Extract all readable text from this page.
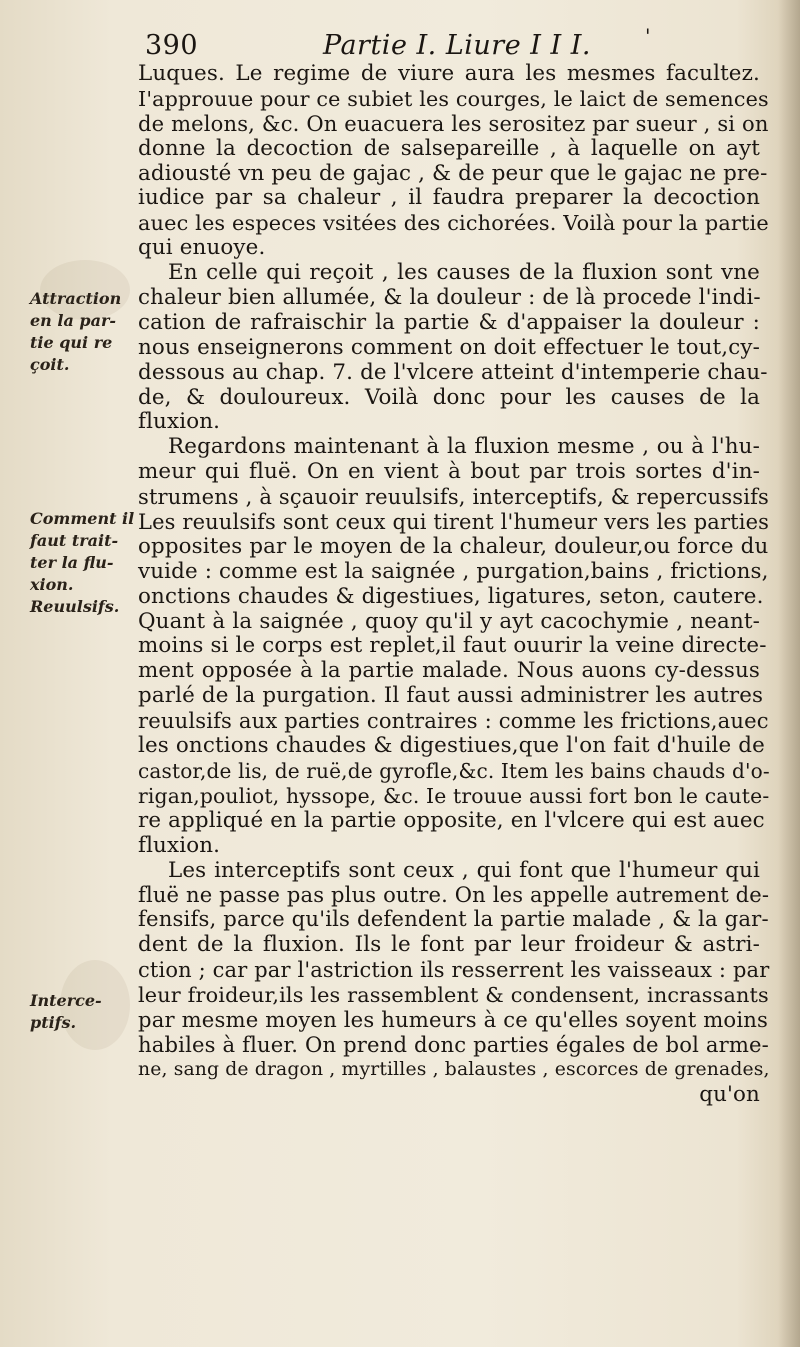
390	Partie I. Liure I I I.	'
Attraction
en la par-
tie qui re
çoit.
Comment il
faut trait-
ter la flu-
xion.
Reuulsifs.
Interce-
ptifs.
Luques. Le regime de viure aura les mesmes facultez.
I'approuue pour ce subiet les courges, le laict de semences
de melons, &c. On euacuera les serositez par sueur , si on
donne la decoction de salsepareille , à laquelle on ayt
adiousté vn peu de gajac , & de peur que le gajac ne pre-
iudice par sa chaleur , il faudra preparer la decoction
auec les especes vsitées des cichorées. Voilà pour la partie
qui enuoye.
En celle qui reçoit , les causes de la fluxion sont vne
chaleur bien allumée, & la douleur : de là procede l'indi-
cation de rafraischir la partie & d'appaiser la douleur :
nous enseignerons comment on doit effectuer le tout,cy-
dessous au chap. 7. de l'vlcere atteint d'intemperie chau-
de, & douloureux. Voilà donc pour les causes de la
fluxion.
Regardons maintenant à la fluxion mesme , ou à l'hu-
meur qui fluë. On en vient à bout par trois sortes d'in-
strumens , à sçauoir reuulsifs, interceptifs, & repercussifs
Les reuulsifs sont ceux qui tirent l'humeur vers les parties
opposites par le moyen de la chaleur, douleur,ou force du
vuide : comme est la saignée , purgation,bains , frictions,
onctions chaudes & digestiues, ligatures, seton, cautere.
Quant à la saignée , quoy qu'il y ayt cacochymie , neant-
moins si le corps est replet,il faut ouurir la veine directe-
ment opposée à la partie malade. Nous auons cy-dessus
parlé de la purgation. Il faut aussi administrer les autres
reuulsifs aux parties contraires : comme les frictions,auec
les onctions chaudes & digestiues,que l'on fait d'huile de
castor,de lis, de ruë,de gyrofle,&c. Item les bains chauds d'o-
rigan,pouliot, hyssope, &c. Ie trouue aussi fort bon le caute-
re appliqué en la partie opposite, en l'vlcere qui est auec
fluxion.
Les interceptifs sont ceux , qui font que l'humeur qui
fluë ne passe pas plus outre. On les appelle autrement de-
fensifs, parce qu'ils defendent la partie malade , & la gar-
dent de la fluxion. Ils le font par leur froideur & astri-
ction ; car par l'astriction ils resserrent les vaisseaux : par
leur froideur,ils les rassemblent & condensent, incrassants
par mesme moyen les humeurs à ce qu'elles soyent moins
habiles à fluer. On prend donc parties égales de bol arme-
ne, sang de dragon , myrtilles , balaustes , escorces de grenades,
qu'on
